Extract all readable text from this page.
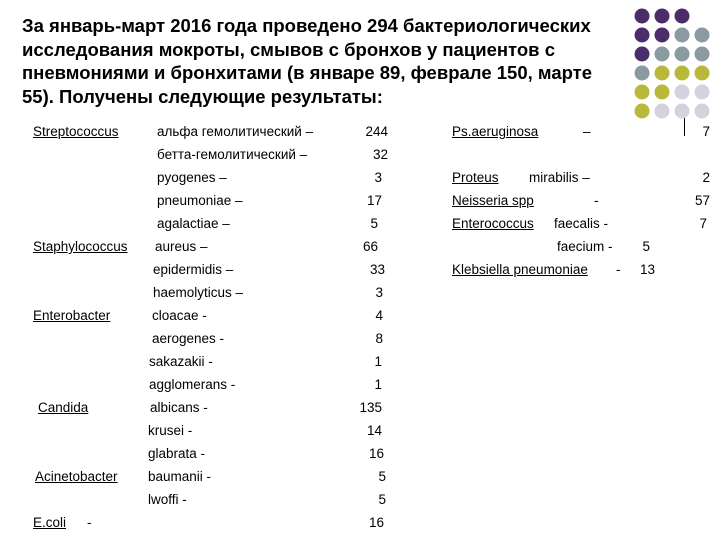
За январь-март 2016 года проведено 294 бактериологических
исследования мокроты, смывов с бронхов у пациентов с
пневмониями и бронхитами (в январе 89, феврале 150, марте
55). Получены следующие результаты:
Streptococcus	альфа гемолитический –	244
бетта-гемолитический –	32
pyogenes –	3
pneumoniae –	17
agalactiae –	5
Staphylococcus aureus –	66
epidermidis –	33
haemolyticus –	3
Enterobacter	cloacae -	4
aerogenes -	8
sakazakii -	1
agglomerans -	1
Candida	albicans -	135
krusei -	14
glabrata -	16
Acinetobacter baumanii -	5
lwoffi -	5
E.coli -	16
Ps.aeruginosa	–	7
Proteus mirabilis –	2
Neisseria spp	-	57
Enterococcus faecalis -	7
faecium - 5
Klebsiella pneumoniae -	13
